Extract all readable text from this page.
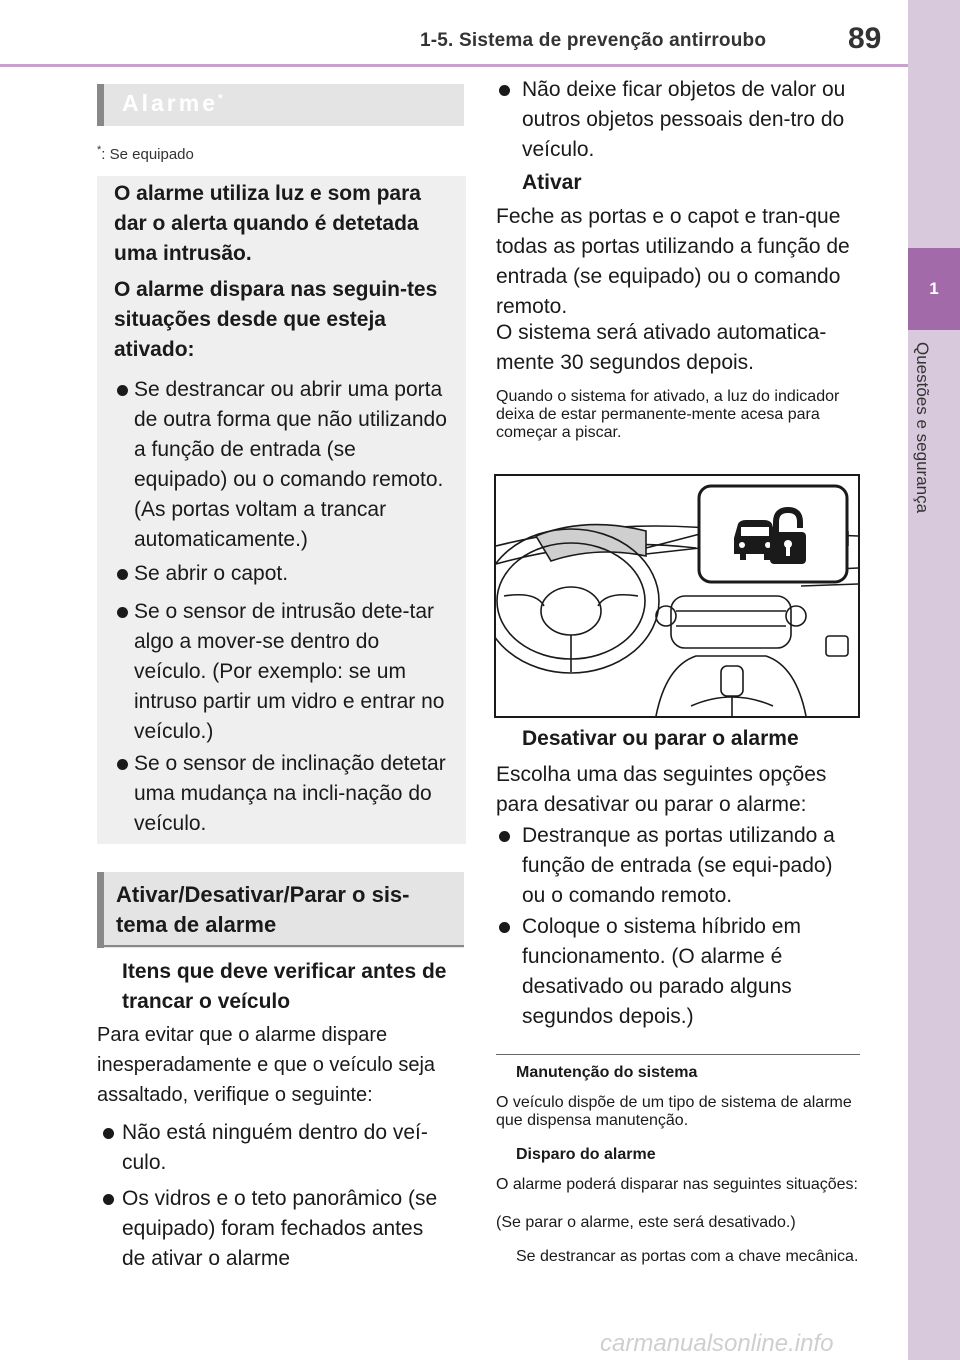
1-5. Sistema de prevenção antirroubo	89
1
Questões e segurança
Alarme*
*: Se equipado
O alarme utiliza luz e som para dar o alerta quando é detetada uma intrusão.
O alarme dispara nas seguin-tes situações desde que esteja ativado:
Se destrancar ou abrir uma porta de outra forma que não utilizando a função de entrada (se equipado) ou o comando remoto. (As portas voltam a trancar automaticamente.)
Se abrir o capot.
Se o sensor de intrusão dete-tar algo a mover-se dentro do veículo. (Por exemplo: se um intruso partir um vidro e entrar no veículo.)
Se o sensor de inclinação detetar uma mudança na incli-nação do veículo.
Ativar/Desativar/Parar o sis-tema de alarme
Itens que deve verificar antes de trancar o veículo
Para evitar que o alarme dispare inesperadamente e que o veículo seja assaltado, verifique o seguinte:
Não está ninguém dentro do veí-culo.
Os vidros e o teto panorâmico (se equipado) foram fechados antes de ativar o alarme
Não deixe ficar objetos de valor ou outros objetos pessoais den-tro do veículo.
Ativar
Feche as portas e o capot e tran-que todas as portas utilizando a função de entrada (se equipado) ou o comando remoto.
O sistema será ativado automatica-mente 30 segundos depois.
Quando o sistema for ativado, a luz do indicador deixa de estar permanente-mente acesa para começar a piscar.
Desativar ou parar o alarme
Escolha uma das seguintes opções para desativar ou parar o alarme:
Destranque as portas utilizando a função de entrada (se equi-pado) ou o comando remoto.
Coloque o sistema híbrido em funcionamento. (O alarme é desativado ou parado alguns segundos depois.)
Manutenção do sistema
O veículo dispõe de um tipo de sistema de alarme que dispensa manutenção.
Disparo do alarme
O alarme poderá disparar nas seguintes situações:
(Se parar o alarme, este será desativado.)
Se destrancar as portas com a chave mecânica.
carmanualsonline.info
